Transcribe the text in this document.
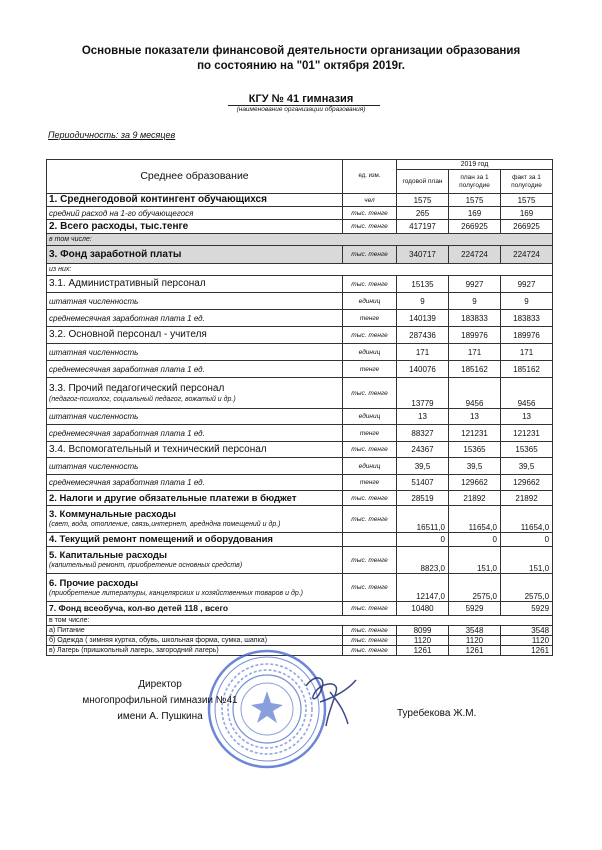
Основные показатели финансовой деятельности организации образования
по состоянию на "01" октября 2019г.
КГУ № 41 гимназия
(наименование организации образования)
Периодичность: за 9 месяцев
Среднее образование	ед. изм.	2019 год		
		годовой план	план за 1 полугодие	факт за 1 полугодие
1. Среднегодовой контингент обучающихся	чел	1575	1575	1575
средний расход на 1-го обучающегося	тыс. тенге	265	169	169
2. Всего расходы, тыс.тенге	тыс. тенге	417197	266925	266925
в том числе:				
3. Фонд заработной платы	тыс. тенге	340717	224724	224724
из них:				
3.1. Административный персонал	тыс. тенге	15135	9927	9927
штатная численность	единиц	9	9	9
среднемесячная заработная плата 1 ед.	тенге	140139	183833	183833
3.2. Основной персонал - учителя	тыс. тенге	287436	189976	189976
штатная численность	единиц	171	171	171
среднемесячная заработная плата 1 ед.	тенге	140076	185162	185162
3.3. Прочий педагогический персонал
(педагог-психолог, социальный педагог, вожатый и др.)	тыс. тенге	13779	9456	9456
штатная численность	единиц	13	13	13
среднемесячная заработная плата 1 ед.	тенге	88327	121231	121231
3.4. Вспомогательный и технический персонал	тыс. тенге	24367	15365	15365
штатная численность	единиц	39,5	39,5	39,5
среднемесячная заработная плата 1 ед.	тенге	51407	129662	129662
2. Налоги и другие обязательные платежи в бюджет	тыс. тенге	28519	21892	21892
3. Коммунальные расходы
(свет, вода, отопление, связь,интернет, аредндна помещений и др.)	тыс. тенге	16511,0	11654,0	11654,0
4. Текущий ремонт помещений и оборудования		0	0	0
5. Капитальные расходы
(капительный ремонт, приобретение основных средств)	тыс. тенге	8823,0	151,0	151,0
6. Прочие расходы
(приобретение литературы, канцелярских и хозяйственных товаров и др.)	тыс. тенге	12147,0	2575,0	2575,0
7. Фонд всеобуча, кол-во детей 118 , всего	тыс. тенге	10480	5929	5929
в том числе:				
а) Питание	тыс. тенге	8099	3548	3548
б) Одежда ( зимняя куртка, обувь, школьная форма, сумка, шапка)	тыс. тенге	1120	1120	1120
в) Лагерь (пришкольный лагерь, загородний лагерь)	тыс. тенге	1261	1261	1261
Директор
многопрофильной гимназии №41
имени А. Пушкина	Туребекова Ж.М.
